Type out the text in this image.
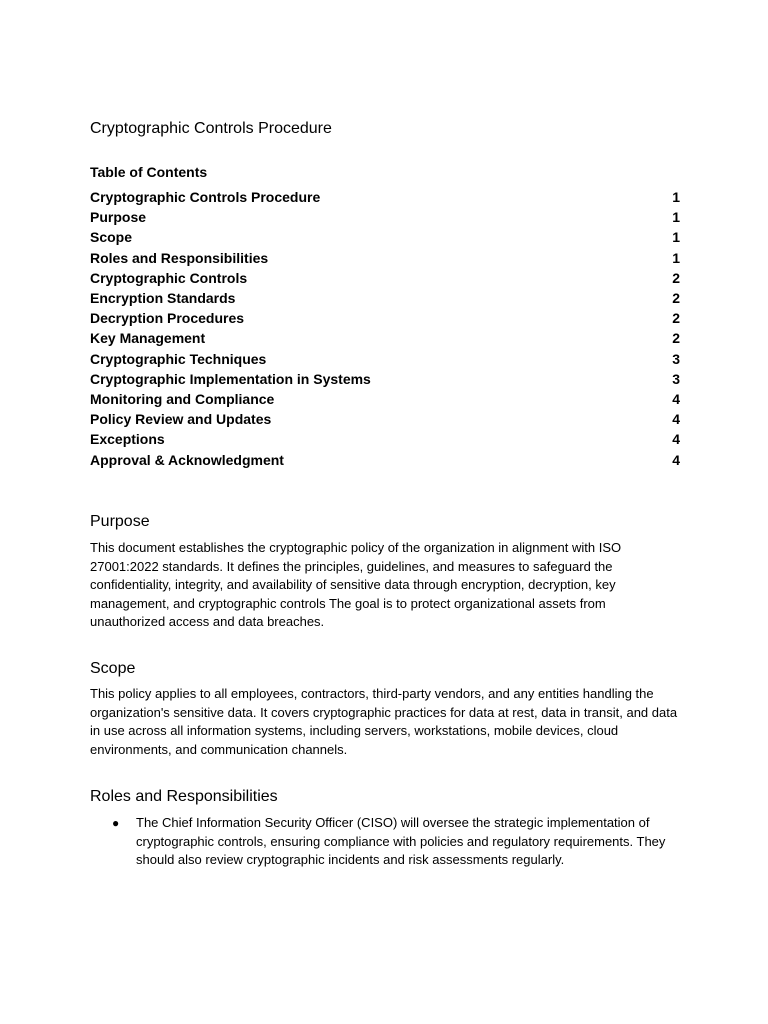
Cryptographic Controls Procedure
Table of Contents
Cryptographic Controls Procedure	1
Purpose	1
Scope	1
Roles and Responsibilities	1
Cryptographic Controls	2
Encryption Standards	2
Decryption Procedures	2
Key Management	2
Cryptographic Techniques	3
Cryptographic Implementation in Systems	3
Monitoring and Compliance	4
Policy Review and Updates	4
Exceptions	4
Approval & Acknowledgment	4
Purpose

This document establishes the cryptographic policy of the organization in alignment with ISO 27001:2022 standards. It defines the principles, guidelines, and measures to safeguard the confidentiality, integrity, and availability of sensitive data through encryption, decryption, key management, and cryptographic controls The goal is to protect organizational assets from unauthorized access and data breaches.

Scope

This policy applies to all employees, contractors, third-party vendors, and any entities handling the organization's sensitive data. It covers cryptographic practices for data at rest, data in transit, and data in use across all information systems, including servers, workstations, mobile devices, cloud environments, and communication channels.

Roles and Responsibilities
● The Chief Information Security Officer (CISO) will oversee the strategic implementation of cryptographic controls, ensuring compliance with policies and regulatory requirements. They should also review cryptographic incidents and risk assessments regularly.
